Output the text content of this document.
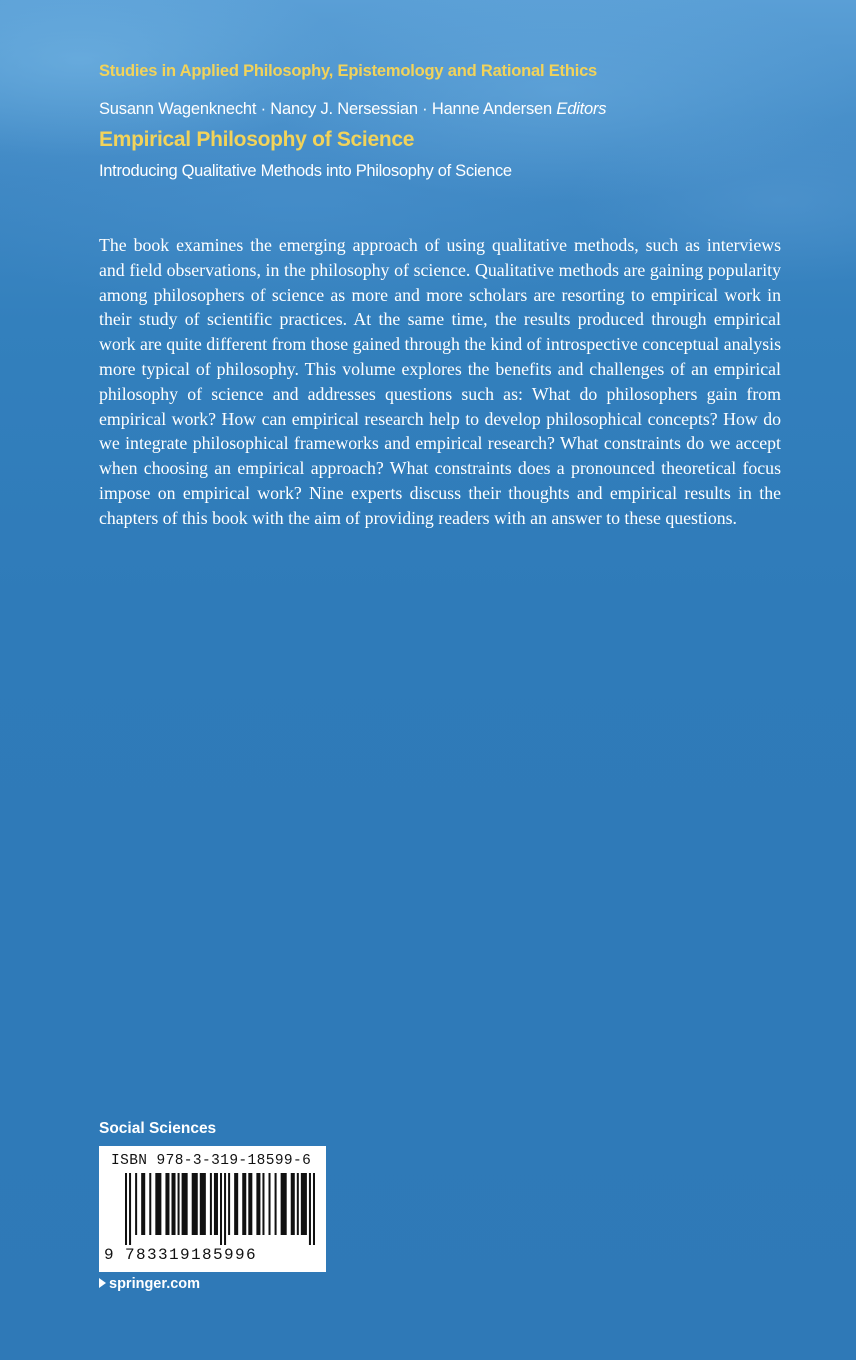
Studies in Applied Philosophy, Epistemology and Rational Ethics
Susann Wagenknecht · Nancy J. Nersessian · Hanne Andersen Editors
Empirical Philosophy of Science
Introducing Qualitative Methods into Philosophy of Science

The book examines the emerging approach of using qualitative methods, such as interviews and field observations, in the philosophy of science. Qualitative methods are gaining popularity among philosophers of science as more and more scholars are resorting to empirical work in their study of scientific practices. At the same time, the results produced through empirical work are quite different from those gained through the kind of introspective conceptual analysis more typical of philosophy. This volume explores the benefits and challenges of an empirical philosophy of science and addresses questions such as: What do philosophers gain from empirical work? How can empirical research help to develop philosophical concepts? How do we integrate philosophical frameworks and empirical research? What constraints do we accept when choosing an empirical approach? What constraints does a pronounced theoretical focus impose on empirical work? Nine experts discuss their thoughts and empirical results in the chapters of this book with the aim of providing readers with an answer to these questions.

Social Sciences
ISBN 978-3-319-18599-6
9 783319185996
springer.com
